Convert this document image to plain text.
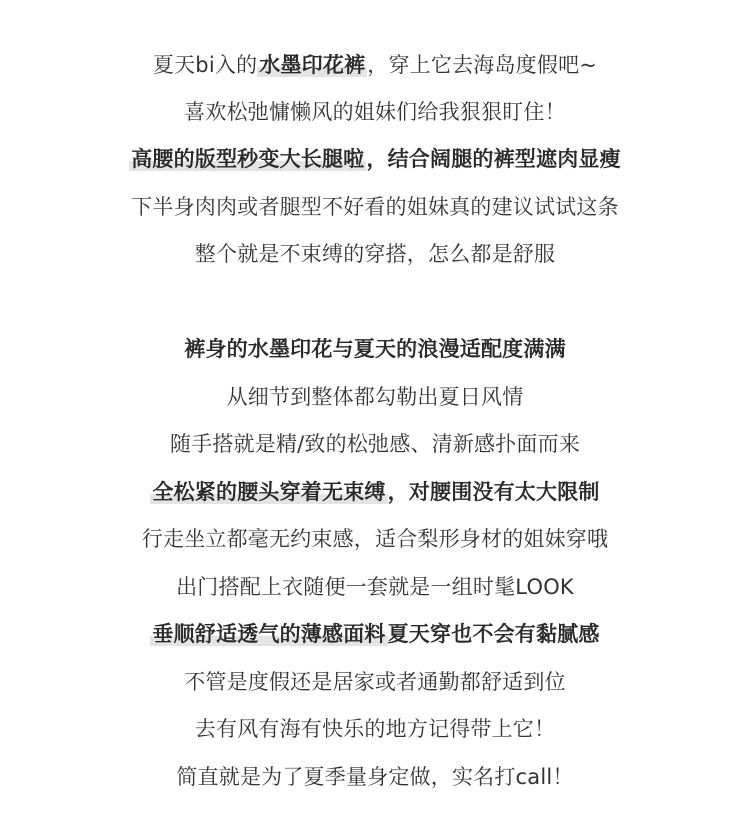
夏天bi入的水墨印花裤，穿上它去海岛度假吧~
喜欢松弛慵懒风的姐妹们给我狠狠盯住！
高腰的版型秒变大长腿啦，结合阔腿的裤型遮肉显瘦
下半身肉肉或者腿型不好看的姐妹真的建议试试这条
整个就是不束缚的穿搭，怎么都是舒服
裤身的水墨印花与夏天的浪漫适配度满满
从细节到整体都勾勒出夏日风情
随手搭就是精/致的松弛感、清新感扑面而来
全松紧的腰头穿着无束缚，对腰围没有太大限制
行走坐立都毫无约束感，适合梨形身材的姐妹穿哦
出门搭配上衣随便一套就是一组时髦LOOK
垂顺舒适透气的薄感面料夏天穿也不会有黏腻感
不管是度假还是居家或者通勤都舒适到位
去有风有海有快乐的地方记得带上它！
简直就是为了夏季量身定做，实名打call！
